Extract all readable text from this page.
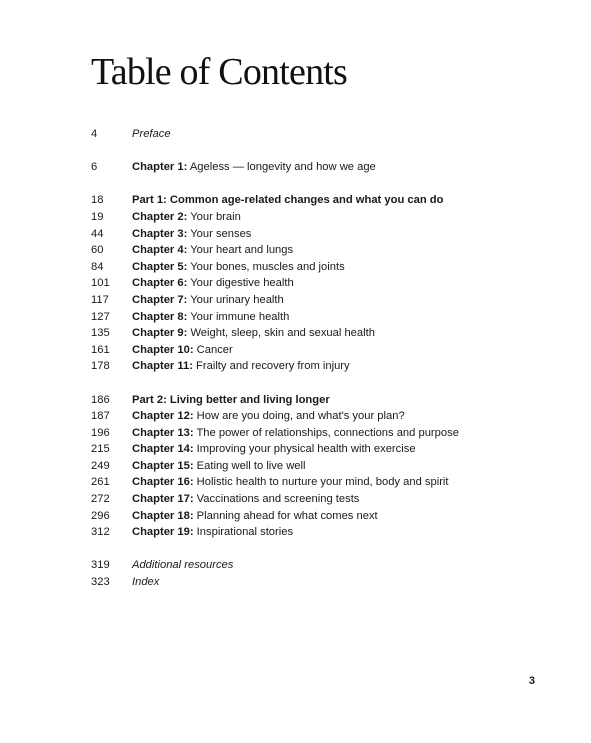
Table of Contents
4	Preface
6	Chapter 1: Ageless — longevity and how we age
18	Part 1: Common age-related changes and what you can do
19	Chapter 2: Your brain
44	Chapter 3: Your senses
60	Chapter 4: Your heart and lungs
84	Chapter 5: Your bones, muscles and joints
101	Chapter 6: Your digestive health
117	Chapter 7: Your urinary health
127	Chapter 8: Your immune health
135	Chapter 9: Weight, sleep, skin and sexual health
161	Chapter 10: Cancer
178	Chapter 11: Frailty and recovery from injury
186	Part 2: Living better and living longer
187	Chapter 12: How are you doing, and what's your plan?
196	Chapter 13: The power of relationships, connections and purpose
215	Chapter 14: Improving your physical health with exercise
249	Chapter 15: Eating well to live well
261	Chapter 16: Holistic health to nurture your mind, body and spirit
272	Chapter 17: Vaccinations and screening tests
296	Chapter 18: Planning ahead for what comes next
312	Chapter 19: Inspirational stories
319	Additional resources
323	Index
3
